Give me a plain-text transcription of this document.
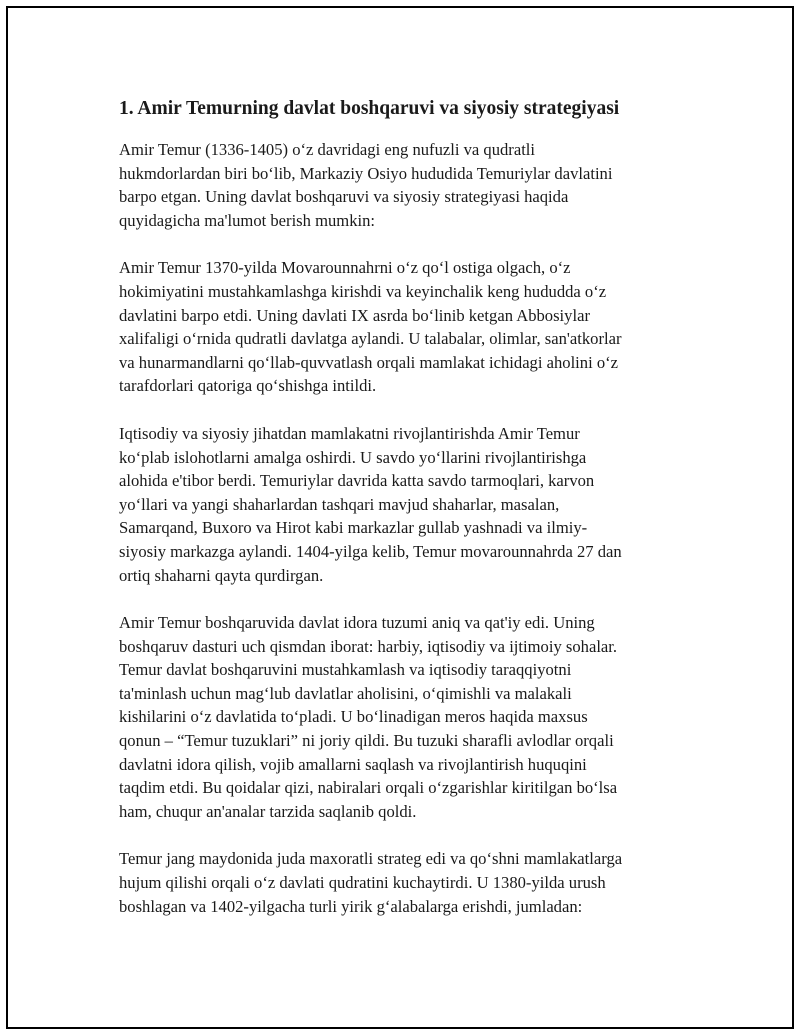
1. Amir Temurning davlat boshqaruvi va siyosiy strategiyasi

Amir Temur (1336-1405) o‘z davridagi eng nufuzli va qudratli
hukmdorlardan biri bo‘lib, Markaziy Osiyo hududida Temuriylar davlatini
barpo etgan. Uning davlat boshqaruvi va siyosiy strategiyasi haqida
quyidagicha ma'lumot berish mumkin:

Amir Temur 1370-yilda Movarounnahrni o‘z qo‘l ostiga olgach, o‘z
hokimiyatini mustahkamlashga kirishdi va keyinchalik keng hududda o‘z
davlatini barpo etdi. Uning davlati IX asrda bo‘linib ketgan Abbosiylar
xalifaligi o‘rnida qudratli davlatga aylandi. U talabalar, olimlar, san'atkorlar
va hunarmandlarni qo‘llab-quvvatlash orqali mamlakat ichidagi aholini o‘z
tarafdorlari qatoriga qo‘shishga intildi.

Iqtisodiy va siyosiy jihatdan mamlakatni rivojlantirishda Amir Temur
ko‘plab islohotlarni amalga oshirdi. U savdo yo‘llarini rivojlantirishga
alohida e'tibor berdi. Temuriylar davrida katta savdo tarmoqlari, karvon
yo‘llari va yangi shaharlardan tashqari mavjud shaharlar, masalan,
Samarqand, Buxoro va Hirot kabi markazlar gullab yashnadi va ilmiy-
siyosiy markazga aylandi. 1404-yilga kelib, Temur movarounnahrda 27 dan
ortiq shaharni qayta qurdirgan.

Amir Temur boshqaruvida davlat idora tuzumi aniq va qat'iy edi. Uning
boshqaruv dasturi uch qismdan iborat: harbiy, iqtisodiy va ijtimoiy sohalar.
Temur davlat boshqaruvini mustahkamlash va iqtisodiy taraqqiyotni
ta'minlash uchun mag‘lub davlatlar aholisini, o‘qimishli va malakali
kishilarini o‘z davlatida to‘pladi. U bo‘linadigan meros haqida maxsus
qonun – “Temur tuzuklari” ni joriy qildi. Bu tuzuki sharafli avlodlar orqali
davlatni idora qilish, vojib amallarni saqlash va rivojlantirish huquqini
taqdim etdi. Bu qoidalar qizi, nabiralari orqali o‘zgarishlar kiritilgan bo‘lsa
ham, chuqur an'analar tarzida saqlanib qoldi.

Temur jang maydonida juda maxoratli strateg edi va qo‘shni mamlakatlarga
hujum qilishi orqali o‘z davlati qudratini kuchaytirdi. U 1380-yilda urush
boshlagan va 1402-yilgacha turli yirik g‘alabalarga erishdi, jumladan:
